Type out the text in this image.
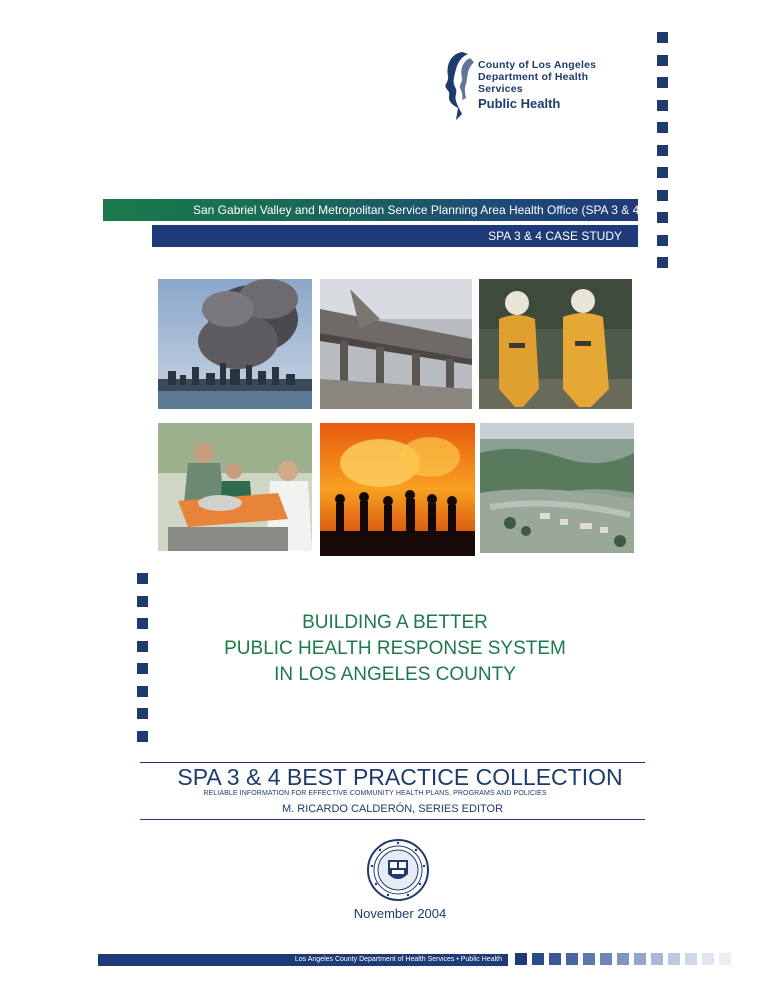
County of Los Angeles
Department of Health Services
Public Health
San Gabriel Valley and Metropolitan Service Planning Area Health Office (SPA 3 & 4)
SPA 3 & 4 CASE STUDY
BUILDING A BETTER
PUBLIC HEALTH RESPONSE SYSTEM
IN LOS ANGELES COUNTY
SPA 3 & 4 BEST PRACTICE COLLECTION
RELIABLE INFORMATION FOR EFFECTIVE COMMUNITY HEALTH PLANS, PROGRAMS AND POLICIES
M. RICARDO CALDERÓN, SERIES EDITOR
November 2004
Los Angeles County Department of Health Services • Public Health
